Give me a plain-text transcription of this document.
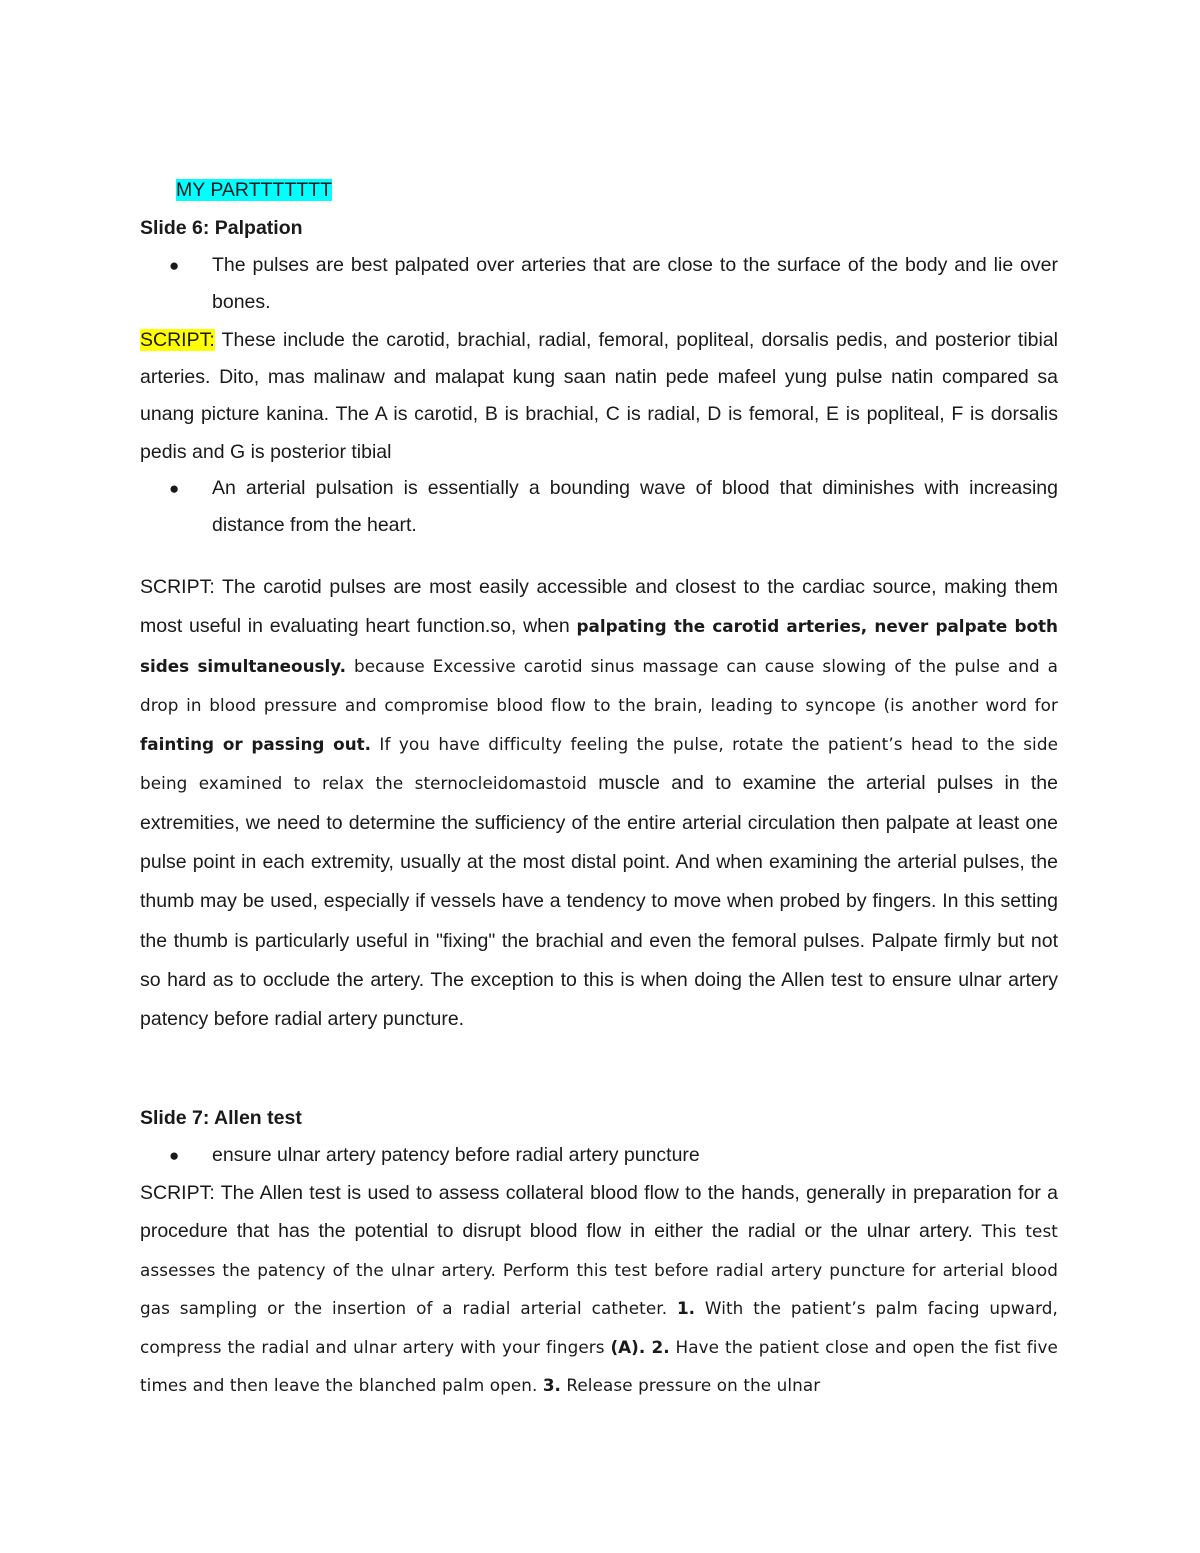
MY PARTTTTTTT
Slide 6: Palpation
● The pulses are best palpated over arteries that are close to the surface of the body and lie over bones.

SCRIPT: These include the carotid, brachial, radial, femoral, popliteal, dorsalis pedis, and posterior tibial arteries. Dito, mas malinaw and malapat kung saan natin pede mafeel yung pulse natin compared sa unang picture kanina. The A is carotid, B is brachial, C is radial, D is femoral, E is popliteal, F is dorsalis pedis and G is posterior tibial

● An arterial pulsation is essentially a bounding wave of blood that diminishes with increasing distance from the heart.

SCRIPT: The carotid pulses are most easily accessible and closest to the cardiac source, making them most useful in evaluating heart function.so, when palpating the carotid arteries, never palpate both sides simultaneously. because Excessive carotid sinus massage can cause slowing of the pulse and a drop in blood pressure and compromise blood flow to the brain, leading to syncope (is another word for fainting or passing out. If you have difficulty feeling the pulse, rotate the patient’s head to the side being examined to relax the sternocleidomastoid muscle and to examine the arterial pulses in the extremities, we need to determine the sufficiency of the entire arterial circulation then palpate at least one pulse point in each extremity, usually at the most distal point. And when examining the arterial pulses, the thumb may be used, especially if vessels have a tendency to move when probed by fingers. In this setting the thumb is particularly useful in "fixing" the brachial and even the femoral pulses. Palpate firmly but not so hard as to occlude the artery. The exception to this is when doing the Allen test to ensure ulnar artery patency before radial artery puncture.

Slide 7: Allen test
● ensure ulnar artery patency before radial artery puncture

SCRIPT: The Allen test is used to assess collateral blood flow to the hands, generally in preparation for a procedure that has the potential to disrupt blood flow in either the radial or the ulnar artery. This test assesses the patency of the ulnar artery. Perform this test before radial artery puncture for arterial blood gas sampling or the insertion of a radial arterial catheter. 1. With the patient’s palm facing upward, compress the radial and ulnar artery with your fingers (A). 2. Have the patient close and open the fist five times and then leave the blanched palm open. 3. Release pressure on the ulnar
